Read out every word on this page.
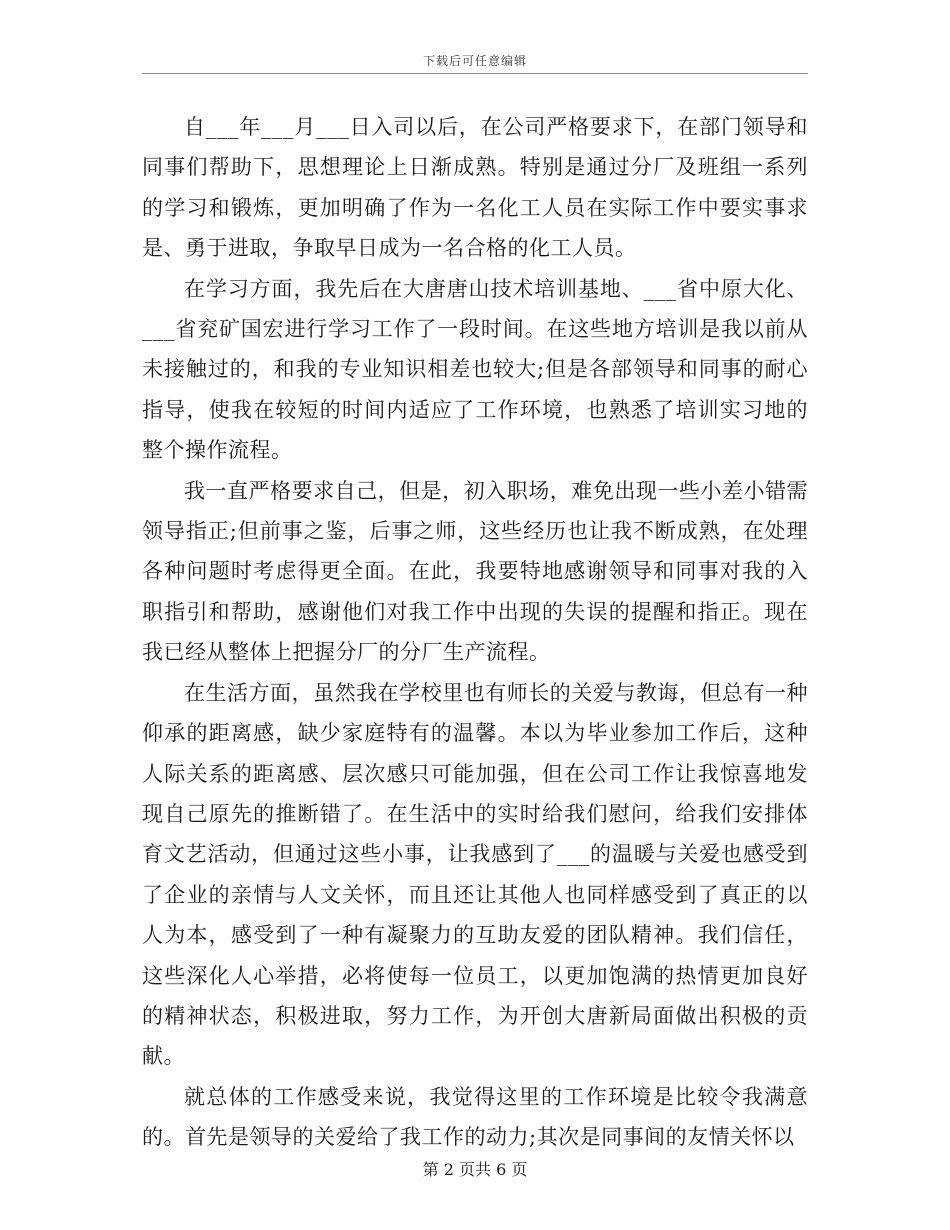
下载后可任意编辑

自___年___月___日入司以后，在公司严格要求下，在部门领导和同事们帮助下，思想理论上日渐成熟。特别是通过分厂及班组一系列的学习和锻炼，更加明确了作为一名化工人员在实际工作中要实事求是、勇于进取，争取早日成为一名合格的化工人员。

在学习方面，我先后在大唐唐山技术培训基地、___省中原大化、___省兖矿国宏进行学习工作了一段时间。在这些地方培训是我以前从未接触过的，和我的专业知识相差也较大;但是各部领导和同事的耐心指导，使我在较短的时间内适应了工作环境，也熟悉了培训实习地的整个操作流程。

我一直严格要求自己，但是，初入职场，难免出现一些小差小错需领导指正;但前事之鉴，后事之师，这些经历也让我不断成熟，在处理各种问题时考虑得更全面。在此，我要特地感谢领导和同事对我的入职指引和帮助，感谢他们对我工作中出现的失误的提醒和指正。现在我已经从整体上把握分厂的分厂生产流程。

在生活方面，虽然我在学校里也有师长的关爱与教诲，但总有一种仰承的距离感，缺少家庭特有的温馨。本以为毕业参加工作后，这种人际关系的距离感、层次感只可能加强，但在公司工作让我惊喜地发现自己原先的推断错了。在生活中的实时给我们慰问，给我们安排体育文艺活动，但通过这些小事，让我感到了___的温暖与关爱也感受到了企业的亲情与人文关怀，而且还让其他人也同样感受到了真正的以人为本，感受到了一种有凝聚力的互助友爱的团队精神。我们信任，这些深化人心举措，必将使每一位员工，以更加饱满的热情更加良好的精神状态，积极进取，努力工作，为开创大唐新局面做出积极的贡献。

就总体的工作感受来说，我觉得这里的工作环境是比较令我满意的。首先是领导的关爱给了我工作的动力;其次是同事间的友情关怀以

第 2 页共 6 页
